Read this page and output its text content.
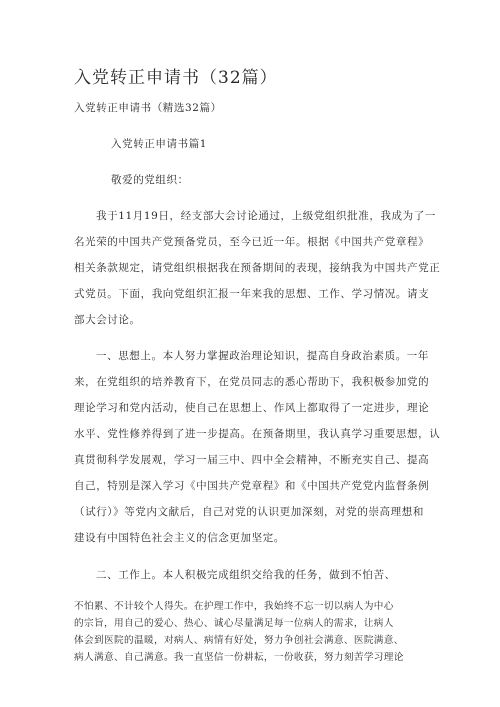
入党转正申请书（32篇）
入党转正申请书（精选32篇）
入党转正申请书篇1
敬爱的党组织：
我于11月19日，经支部大会讨论通过，上级党组织批准，我成为了一
名光荣的中国共产党预备党员，至今已近一年。根据《中国共产党章程》
相关条款规定，请党组织根据我在预备期间的表现，接纳我为中国共产党正
式党员。下面，我向党组织汇报一年来我的思想、工作、学习情况。请支
部大会讨论。
一、思想上。本人努力掌握政治理论知识，提高自身政治素质。一年
来，在党组织的培养教育下，在党员同志的悉心帮助下，我积极参加党的
理论学习和党内活动，使自己在思想上、作风上都取得了一定进步，理论
水平、党性修养得到了进一步提高。在预备期里，我认真学习重要思想，认
真贯彻科学发展观，学习一届三中、四中全会精神，不断充实自己、提高
自己，特别是深入学习《中国共产党章程》和《中国共产党党内监督条例
（试行）》等党内文献后，自己对党的认识更加深刻，对党的崇高理想和
建设有中国特色社会主义的信念更加坚定。
二、工作上。本人积极完成组织交给我的任务，做到不怕苦、
不怕累、不计较个人得失。在护理工作中，我始终不忘一切以病人为中心
的宗旨，用自己的爱心、热心、诚心尽量满足每一位病人的需求，让病人
体会到医院的温暖，对病人、病情有好处，努力争创社会满意、医院满意、
病人满意、自己满意。我一直坚信一份耕耘，一份收获，努力刻苦学习理论
